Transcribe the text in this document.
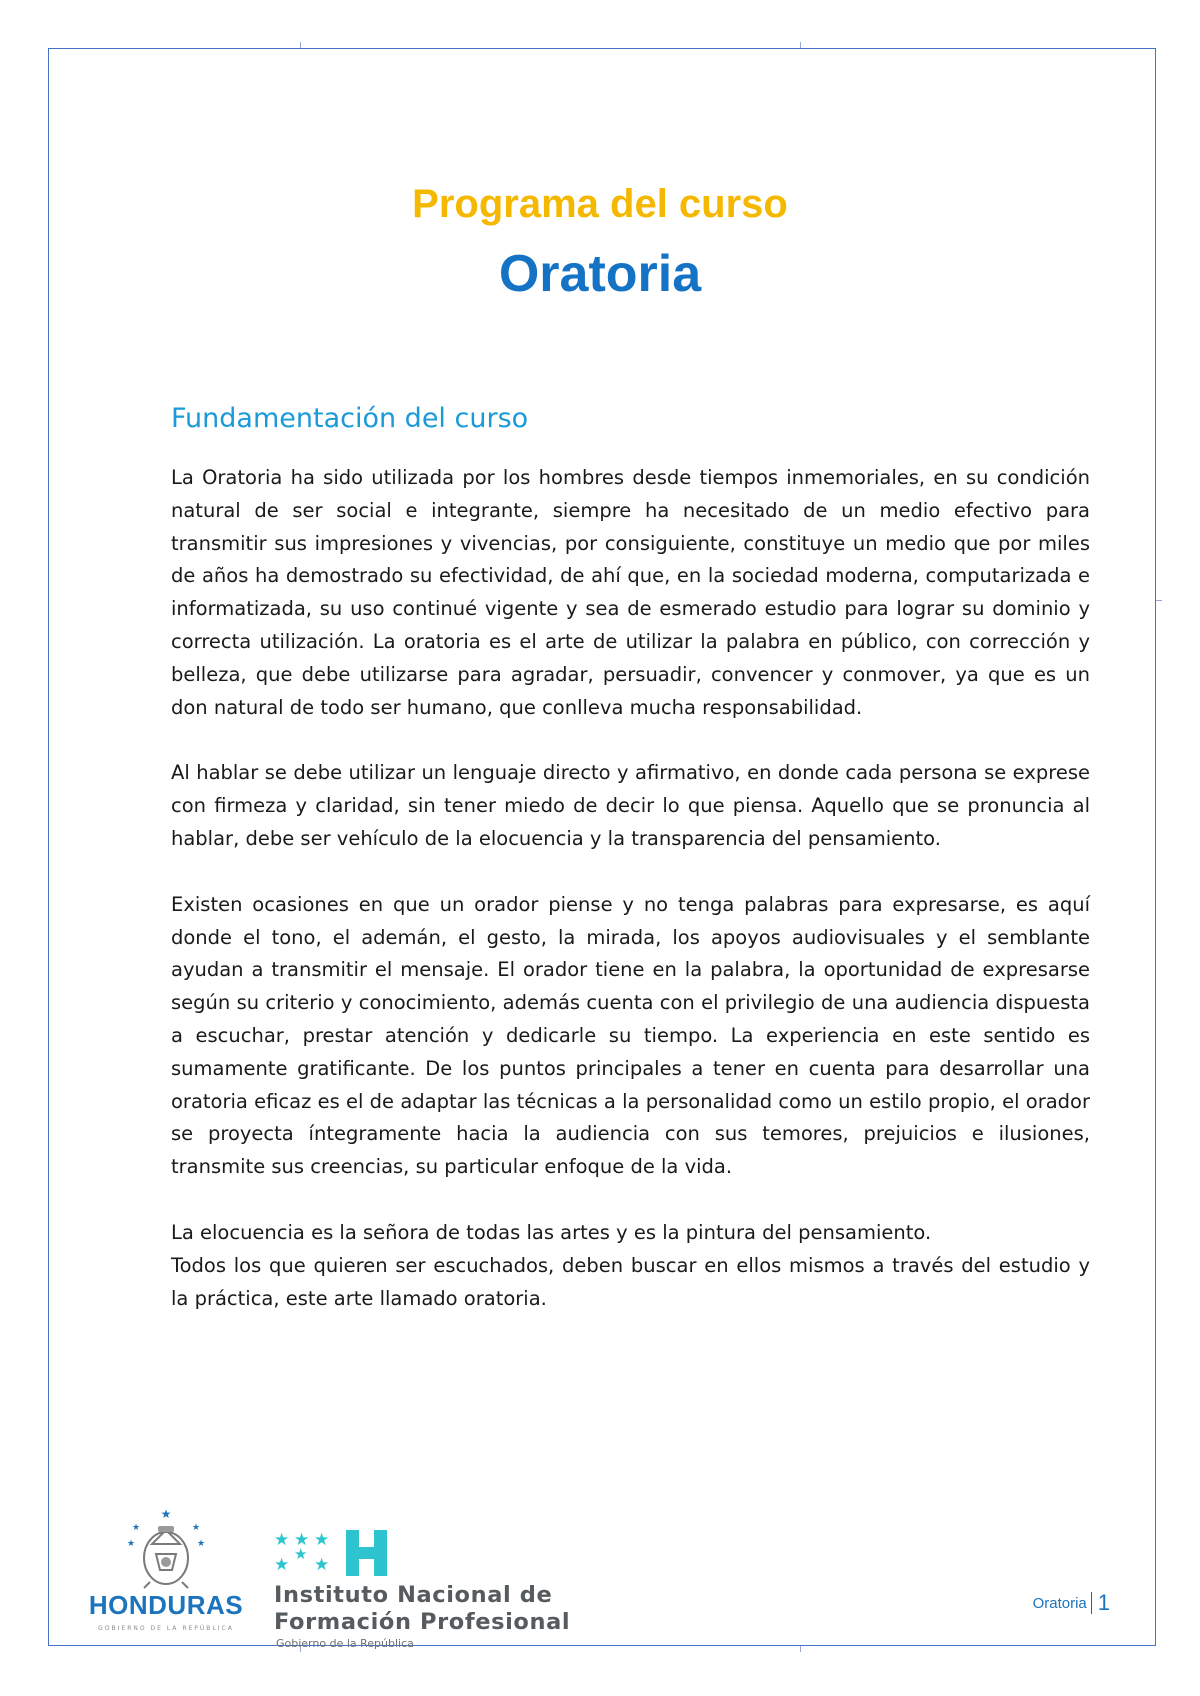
Programa del curso
Oratoria
Fundamentación del curso

La Oratoria ha sido utilizada por los hombres desde tiempos inmemoriales, en su condición natural de ser social e integrante, siempre ha necesitado de un medio efectivo para transmitir sus impresiones y vivencias, por consiguiente, constituye un medio que por miles de años ha demostrado su efectividad, de ahí que, en la sociedad moderna, computarizada e informatizada, su uso continué vigente y sea de esmerado estudio para lograr su dominio y correcta utilización. La oratoria es el arte de utilizar la palabra en público, con corrección y belleza, que debe utilizarse para agradar, persuadir, convencer y conmover, ya que es un don natural de todo ser humano, que conlleva mucha responsabilidad.

Al hablar se debe utilizar un lenguaje directo y afirmativo, en donde cada persona se exprese con firmeza y claridad, sin tener miedo de decir lo que piensa. Aquello que se pronuncia al hablar, debe ser vehículo de la elocuencia y la transparencia del pensamiento.

Existen ocasiones en que un orador piense y no tenga palabras para expresarse, es aquí donde el tono, el ademán, el gesto, la mirada, los apoyos audiovisuales y el semblante ayudan a transmitir el mensaje. El orador tiene en la palabra, la oportunidad de expresarse según su criterio y conocimiento, además cuenta con el privilegio de una audiencia dispuesta a escuchar, prestar atención y dedicarle su tiempo. La experiencia en este sentido es sumamente gratificante. De los puntos principales a tener en cuenta para desarrollar una oratoria eficaz es el de adaptar las técnicas a la personalidad como un estilo propio, el orador se proyecta íntegramente hacia la audiencia con sus temores, prejuicios e ilusiones, transmite sus creencias, su particular enfoque de la vida.

La elocuencia es la señora de todas las artes y es la pintura del pensamiento.

Todos los que quieren ser escuchados, deben buscar en ellos mismos a través del estudio y la práctica, este arte llamado oratoria.

★
★	★
★	★
HONDURAS
GOBIERNO DE LA REPÚBLICA
★ ★ ★
★ ★
★
Instituto Nacional de
Formación Profesional
Gobierno de la República
Oratoria 1
